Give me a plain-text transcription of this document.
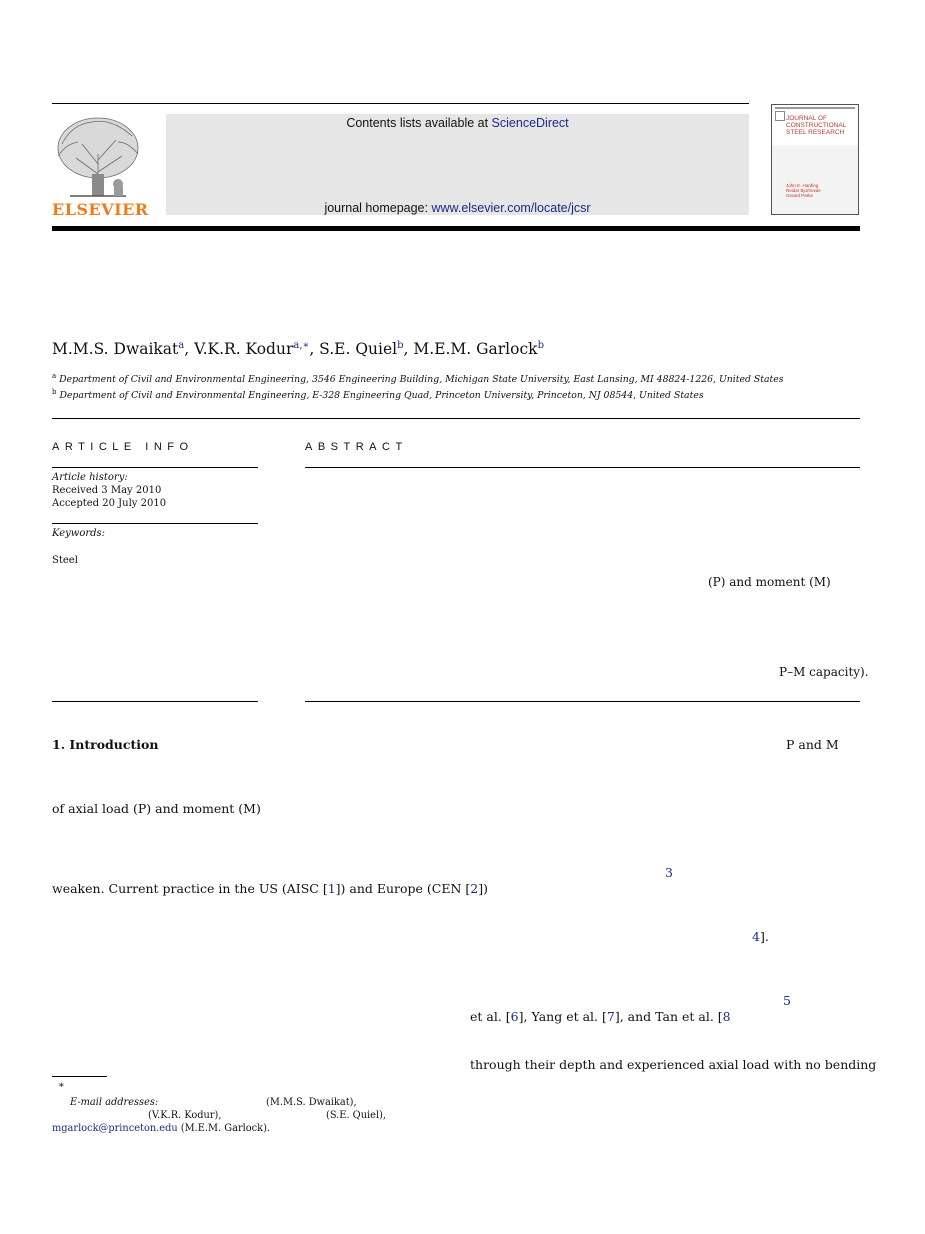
ELSEVIER
Contents lists available at ScienceDirect
journal homepage: www.elsevier.com/locate/jcsr
JOURNAL OF CONSTRUCTIONAL STEEL RESEARCH
John E. Harding Reidar Bjorhovde Gerard Parke
M.M.S. Dwaikat$^a$, V.K.R. Kodur$^{a,∗}$, S.E. Quiel$^b$, M.E.M. Garlock$^b$
$^a$ Department of Civil and Environmental Engineering, 3546 Engineering Building, Michigan State University, East Lansing, MI 48824-1226, United States
$^b$ Department of Civil and Environmental Engineering, E-328 Engineering Quad, Princeton University, Princeton, NJ 08544, United States
ARTICLE INFO	ABSTRACT
Article history:
Received 3 May 2010
Accepted 20 July 2010
Keywords:
Steel
(P) and moment (M)
P–M capacity).
1. Introduction
of axial load (P) and moment (M)
weaken. Current practice in the US (AISC [1]) and Europe (CEN [2])
P and M
3
4].
5
et al. [6], Yang et al. [7], and Tan et al. [8
through their depth and experienced axial load with no bending
∗
E-mail addresses:	(M.M.S. Dwaikat),
(V.K.R. Kodur),	(S.E. Quiel),
mgarlock@princeton.edu (M.E.M. Garlock).
